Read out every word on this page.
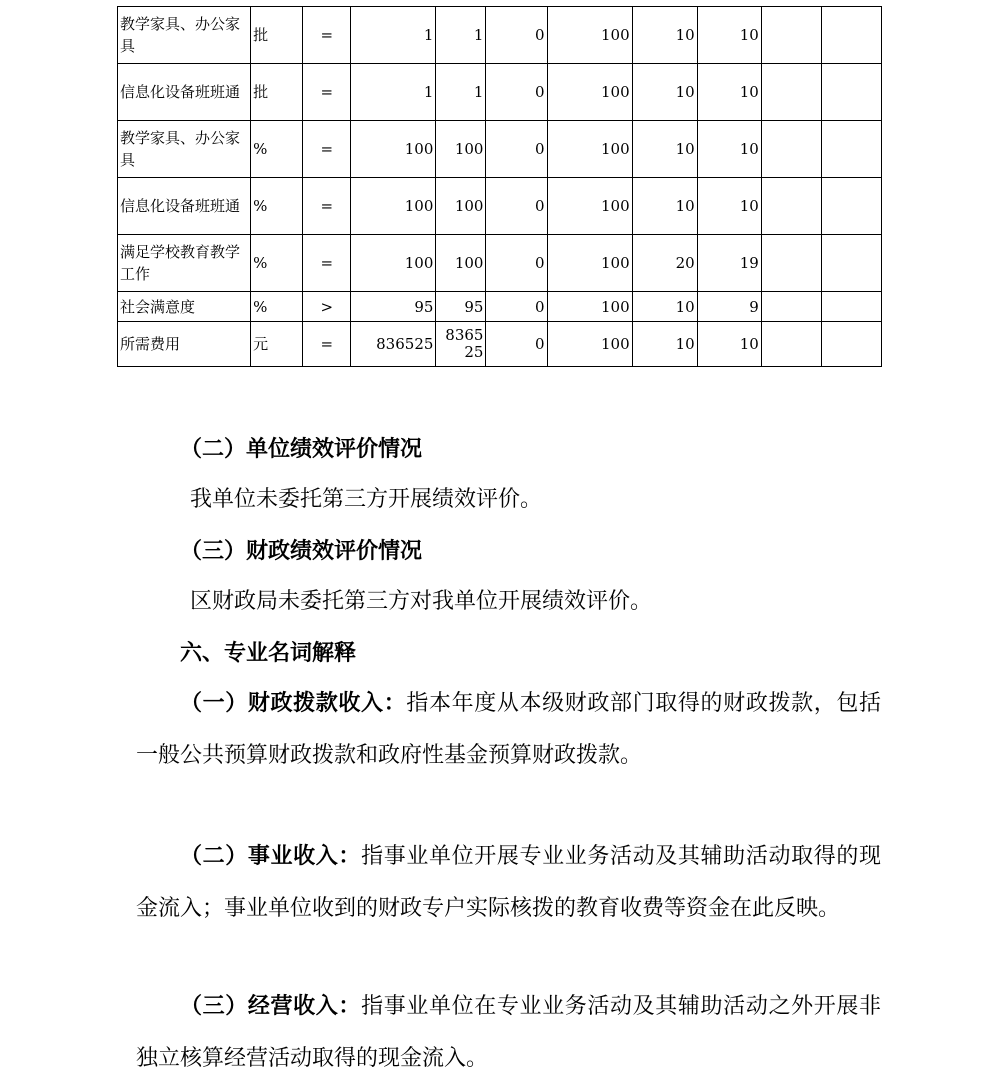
教学家具、办公家具	批	=	1	1	0	100	10	10		
信息化设备班班通	批	=	1	1	0	100	10	10		
教学家具、办公家具	%	=	100	100	0	100	10	10		
信息化设备班班通	%	=	100	100	0	100	10	10		
满足学校教育教学工作	%	=	100	100	0	100	20	19		
社会满意度	%	>	95	95	0	100	10	9		
所需费用	元	=	836525	836525	0	100	10	10		

（二）单位绩效评价情况

我单位未委托第三方开展绩效评价。

（三）财政绩效评价情况

区财政局未委托第三方对我单位开展绩效评价。

六、专业名词解释

（一）财政拨款收入：指本年度从本级财政部门取得的财政拨款，包括一般公共预算财政拨款和政府性基金预算财政拨款。

（二）事业收入：指事业单位开展专业业务活动及其辅助活动取得的现金流入；事业单位收到的财政专户实际核拨的教育收费等资金在此反映。

（三）经营收入：指事业单位在专业业务活动及其辅助活动之外开展非独立核算经营活动取得的现金流入。
